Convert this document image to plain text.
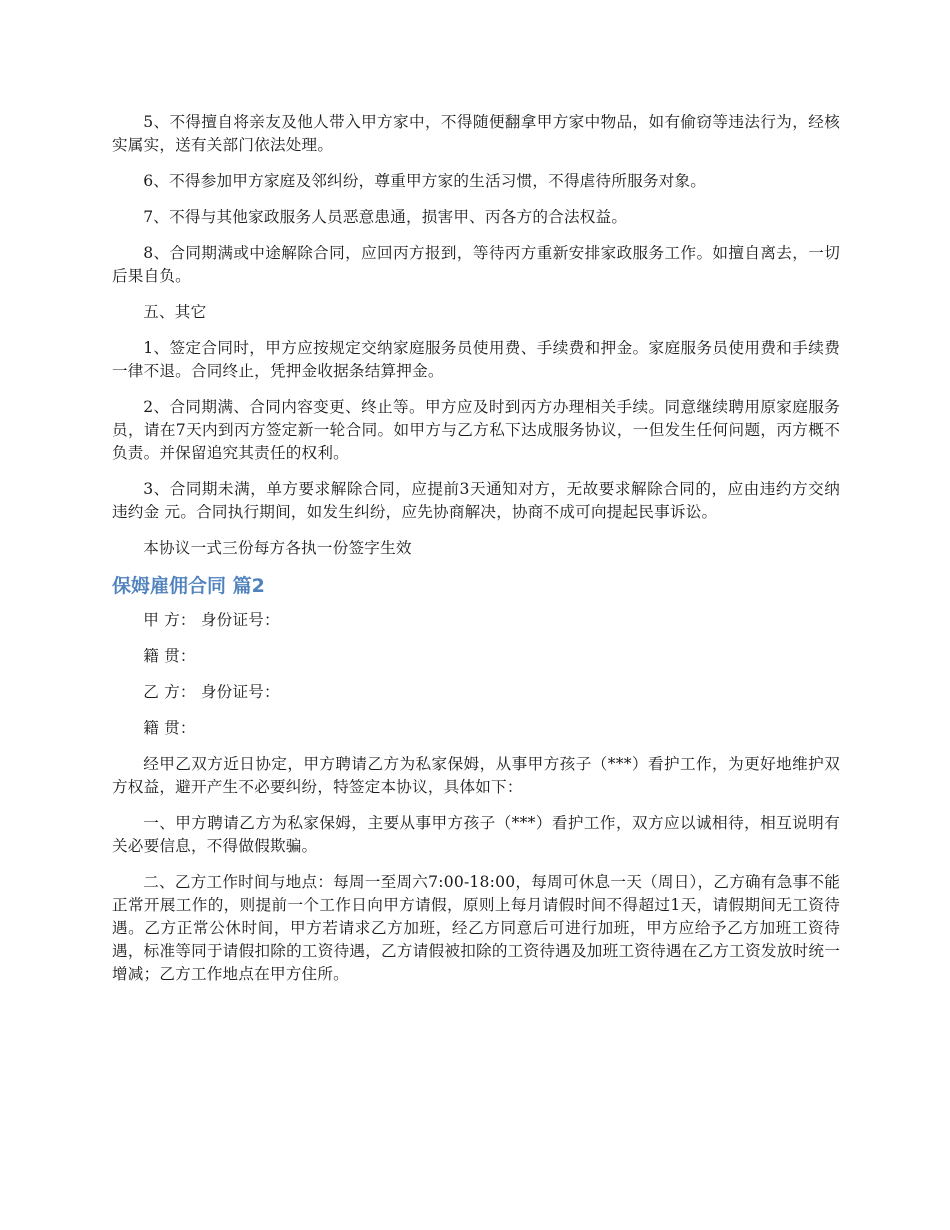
5、不得擅自将亲友及他人带入甲方家中，不得随便翻拿甲方家中物品，如有偷窃等违法行为，经核实属实，送有关部门依法处理。

6、不得参加甲方家庭及邻纠纷，尊重甲方家的生活习惯，不得虐待所服务对象。

7、不得与其他家政服务人员恶意患通，损害甲、丙各方的合法权益。

8、合同期满或中途解除合同，应回丙方报到，等待丙方重新安排家政服务工作。如擅自离去，一切后果自负。

五、其它

1、签定合同时，甲方应按规定交纳家庭服务员使用费、手续费和押金。家庭服务员使用费和手续费一律不退。合同终止，凭押金收据条结算押金。

2、合同期满、合同内容变更、终止等。甲方应及时到丙方办理相关手续。同意继续聘用原家庭服务员，请在7天内到丙方签定新一轮合同。如甲方与乙方私下达成服务协议，一但发生任何问题，丙方概不负责。并保留追究其责任的权利。

3、合同期未满，单方要求解除合同，应提前3天通知对方，无故要求解除合同的，应由违约方交纳违约金 元。合同执行期间，如发生纠纷，应先协商解决，协商不成可向提起民事诉讼。

本协议一式三份每方各执一份签字生效

保姆雇佣合同 篇2

甲 方： 身份证号：

籍 贯：

乙 方： 身份证号：

籍 贯：

经甲乙双方近日协定，甲方聘请乙方为私家保姆，从事甲方孩子（***）看护工作，为更好地维护双方权益，避开产生不必要纠纷，特签定本协议，具体如下：

一、甲方聘请乙方为私家保姆，主要从事甲方孩子（***）看护工作，双方应以诚相待，相互说明有关必要信息，不得做假欺骗。

二、乙方工作时间与地点：每周一至周六7:00-18:00，每周可休息一天（周日），乙方确有急事不能正常开展工作的，则提前一个工作日向甲方请假，原则上每月请假时间不得超过1天，请假期间无工资待遇。乙方正常公休时间，甲方若请求乙方加班，经乙方同意后可进行加班，甲方应给予乙方加班工资待遇，标准等同于请假扣除的工资待遇，乙方请假被扣除的工资待遇及加班工资待遇在乙方工资发放时统一增减；乙方工作地点在甲方住所。
